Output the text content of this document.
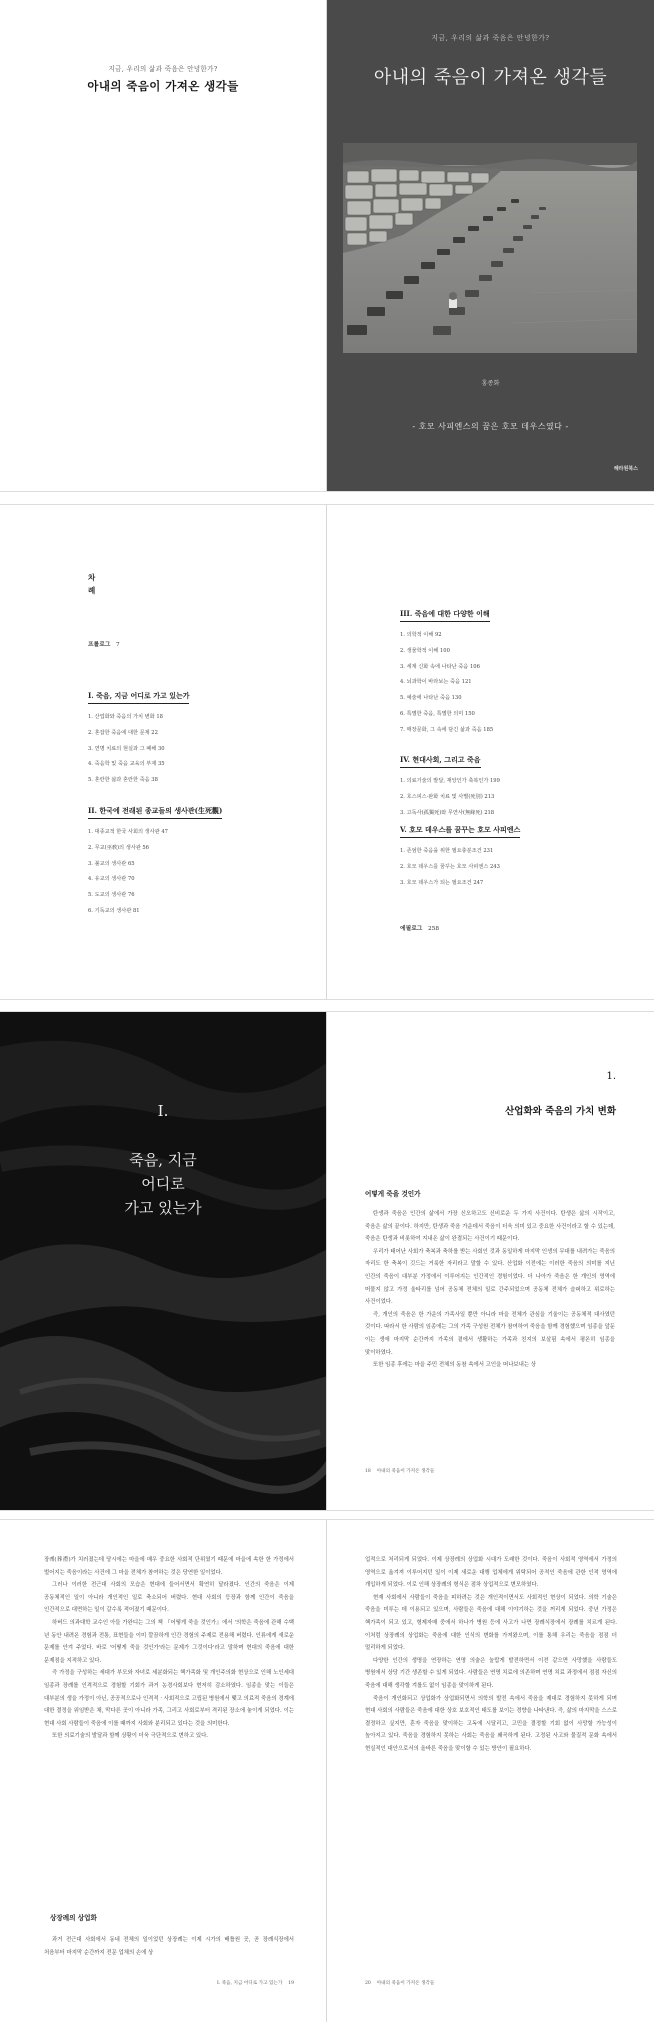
지금, 우리의 삶과 죽음은 안녕한가?
아내의 죽음이 가져온 생각들
지금, 우리의 삶과 죽음은 안녕한가?
아내의 죽음이 가져온 생각들
홍종화
- 호모 사피엔스의 꿈은 호모 데우스였다 -
해라원북스
차
례
프롤로그 7
I. 죽음, 지금 어디로 가고 있는가
1. 산업화와 죽음의 가치 변화 18
2. 혼잡한 죽음에 대한 문제 22
3. 연명 치료의 현실과 그 폐해 30
4. 죽음학 및 죽음 교육의 부재 35
5. 혼란한 삶과 혼란한 죽음 38
II. 한국에 전래된 종교들의 생사관(生死觀)
1. 대종교적 한국 사회의 생사관 47
2. 무교(巫敎)의 생사관 56
3. 불교의 생사관 65
4. 유교의 생사관 70
5. 도교의 생사관 76
6. 기독교의 생사관 81
III. 죽음에 대한 다양한 이해
1. 의학적 이해 92
2. 생물학적 이해 100
3. 세계 신화 속에 나타난 죽음 106
4. 뇌과학이 바라보는 죽음 121
5. 예술에 나타난 죽음 130
6. 특별한 죽음, 특별한 의미 150
7. 매장문화, 그 속에 담긴 삶과 죽음 185
IV. 현대사회, 그리고 죽음
1. 의료기술의 발달, 재앙인가 축복인가 199
2. 호스피스·완화 치료 및 사별(死別) 213
3. 고독사(孤獨死)와 무연사(無緣死) 218
V. 호모 데우스를 꿈꾸는 호모 사피엔스
1. 존엄한 죽음을 위한 필요충분조건 231
2. 호모 데우스를 꿈꾸는 호모 사피엔스 243
3. 호모 데우스가 되는 필요조건 247
에필로그 258
I.
죽음, 지금
어디로
가고 있는가
1.
산업화와 죽음의 가치 변화
어떻게 죽을 것인가

탄생과 죽음은 인간의 삶에서 가장 신오하고도 신비로운 두 가지 사건이다. 탄생은 삶의 시작이고, 죽음은 삶의 끝이다. 하지만, 탄생과 죽음 가운데서 죽음이 더욱 의미 있고 중요한 사건이라고 할 수 있는데, 죽음은 탄생과 비롯하여 지내온 삶이 완결되는 사건이기 때문이다.

우리가 태어난 사회가 축복과 축하를 받는 사회인 것과 동일하게 마지막 인생의 무대를 내려가는 죽음의 자리도 한 축복이 깃드는 거룩한 자리라고 말할 수 있다. 산업화 이전에는 이러한 죽음의 의미를 지닌 인간의 죽음이 대부분 가정에서 이루어지는 인간적인 경험이었다. 더 나아가 죽음은 한 개인의 영역에 머물지 않고 가정 울타리를 넘어 공동체 전체의 일로 간주되었으며 공동체 전체가 슬퍼하고 위로하는 사건이었다.

즉, 개인의 죽음은 한 가운의 가족사일 뿐만 아니라 마을 전체가 관심을 기울이는 공동체적 대사였던 것이다. 따라서 한 사람의 임종에는 그의 가족 구성원 전체가 참여하여 죽음을 함께 경험했으며 임종을 앞둔 이는 생애 마지막 순간까지 가족의 곁에서 생활하는 가족과 친지의 보살핌 속에서 평온히 임종을 맞이하였다.

또한 임종 후에는 마을 주민 전체의 동참 속에서 고인을 떠나보내는 상

18 아내의 죽음이 가져온 생각들

장례(葬禮)가 치러졌는데 당시에는 마을에 매우 중요한 사회적 단위였기 때문에 마을에 속한 한 가정에서 벌어지는 죽음이라는 사건에 그 마을 전체가 참여하는 것은 당연한 일이었다.

그러나 이러한 전근대 사회의 모습은 현대에 들어서면서 확연히 달라졌다. 인간의 죽음은 이제 공동체적인 일이 아니라 개인적인 일로 축소되어 버렸다. 현대 사회의 등장과 함께 인간이 죽음을 인간적으로 대면하는 일이 갈수록 적어졌기 때문이다.

하버드 의과대학 교수인 아들 가완디는 그의 책 『어떻게 죽을 것인가』에서 '의학은 죽음에 관해 수백 년 동안 내려온 경험과 전통, 표현들을 이미 깔끔하게 인간 경험의 주제로 전용해 버렸다. 인류에게 새로운 문제를 안겨 주었다. 바로 '어떻게 죽을 것인가'라는 문제가 그것이다'라고 말하며 현대의 죽음에 대한 문제점을 지적하고 있다.

즉 가정을 구성하는 세대가 부모와 자녀로 세분화되는 핵가족화 및 개인주의화 현상으로 인해 노인세대 임종과 장례를 인격적으로 경험할 기회가 과거 농경사회보다 현저히 감소하였다. 임종을 맞는 이들은 대부분의 생을 가정이 아닌, 공공적으로나 인격적 · 사회적으로 고립된 병원에서 맺고 의료적 죽음의 경계에 대한 결정을 위임받은 채, 막다른 곳이 아니라 가족, 그리고 사회로부터 격리된 장소에 놓이게 되었다. 이는 현대 사회 사람들이 죽음에 이를 때까지 사회와 분리되고 있다는 것을 의미한다.

또한 의료기술의 발달과 함께 상황이 더욱 극단적으로 변하고 있다.

상장례의 상업화

과거 전근대 사회에서 동네 전체의 일이었던 상장례는 이제 시가의 배틀원 곳, 곧 장례식장에서 처음부터 마지막 순간까지 전문 업체의 손에 상

I. 죽음, 지금 어디로 가고 있는가 19

업적으로 처리되게 되었다. 이제 상장례의 상업화 시대가 도래한 것이다. 죽음이 사회적 영역에서 가정의 영역으로 옮겨져 이루어지던 일이 이제 새로운 대행 업체에게 위탁되어 공적인 죽음에 관한 인적 영역에 개입하게 되었다. 이로 인해 상장례의 형식은 점차 상업적으로 변모하였다.

현재 사회에서 사람들이 죽음을 피하려는 것은 개인적이면서도 사회적인 현상이 되었다. 의학 기술은 죽음을 미루는 데 이용되고 있으며, 사람들은 죽음에 대해 이야기하는 것을 꺼리게 되었다. 중년 가정은 핵가족이 되고 있고, 형제자매 중에서 하나가 병원 등에 사고가 나면 장례식장에서 장례를 치르게 된다. 이처럼 상장례의 상업화는 죽음에 대한 인식의 변화를 가져왔으며, 이를 통해 우리는 죽음을 점점 더 멀리하게 되었다.

다양한 인간의 생명을 연장하는 연명 의술은 놀랍게 발전하면서 이전 같으면 사망했을 사람들도 병원에서 상당 기간 생존할 수 있게 되었다. 사람들은 연명 치료에 의존하며 연명 치료 과정에서 점점 자신의 죽음에 대해 생각할 겨를도 없이 임종을 맞이하게 된다.

죽음이 개인화되고 상업화가 상업화되면서 의학의 발전 속에서 죽음을 제대로 경험하지 못하게 되며 현대 사회의 사람들은 죽음에 대한 상호 보호적인 태도를 보이는 경향을 나타낸다. 즉, 삶의 마지막을 스스로 결정하고 싶지만, 혼자 죽음을 맞이하는 고독에 시달리고, 고민을 결정할 기회 없이 사망할 가능성이 높아지고 있다. 죽음을 경험하지 못하는 사회는 죽음을 왜곡하게 된다. 고정된 사고와 물질적 문화 속에서 현실적인 대안으로서의 올바른 죽음을 맞이할 수 있는 방안이 필요하다.

20 아내의 죽음이 가져온 생각들
